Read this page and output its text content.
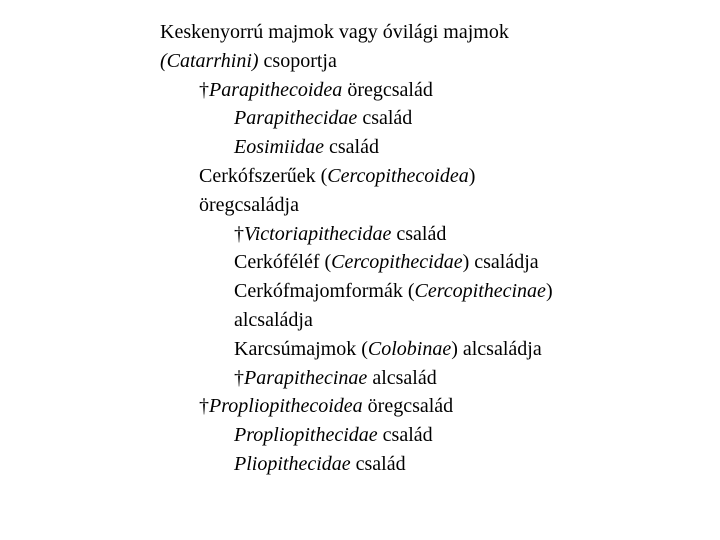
Keskenyorrú majmok vagy óvilági majmok
(Catarrhini) csoportja
†Parapithecoidea öregcsalád
Parapithecidae család
Eosimiidae család
Cerkófszerűek (Cercopithecoidea)
öregcsaládja
†Victoriapithecidae család
Cerkóféléf (Cercopithecidae) családja
Cerkófmajomformák (Cercopithecinae)
alcsaládja
Karcsúmajmok (Colobinae) alcsaládja
†Parapithecinae alcsalád
†Propliopithecoidea öregcsalád
Propliopithecidae család
Pliopithecidae család
